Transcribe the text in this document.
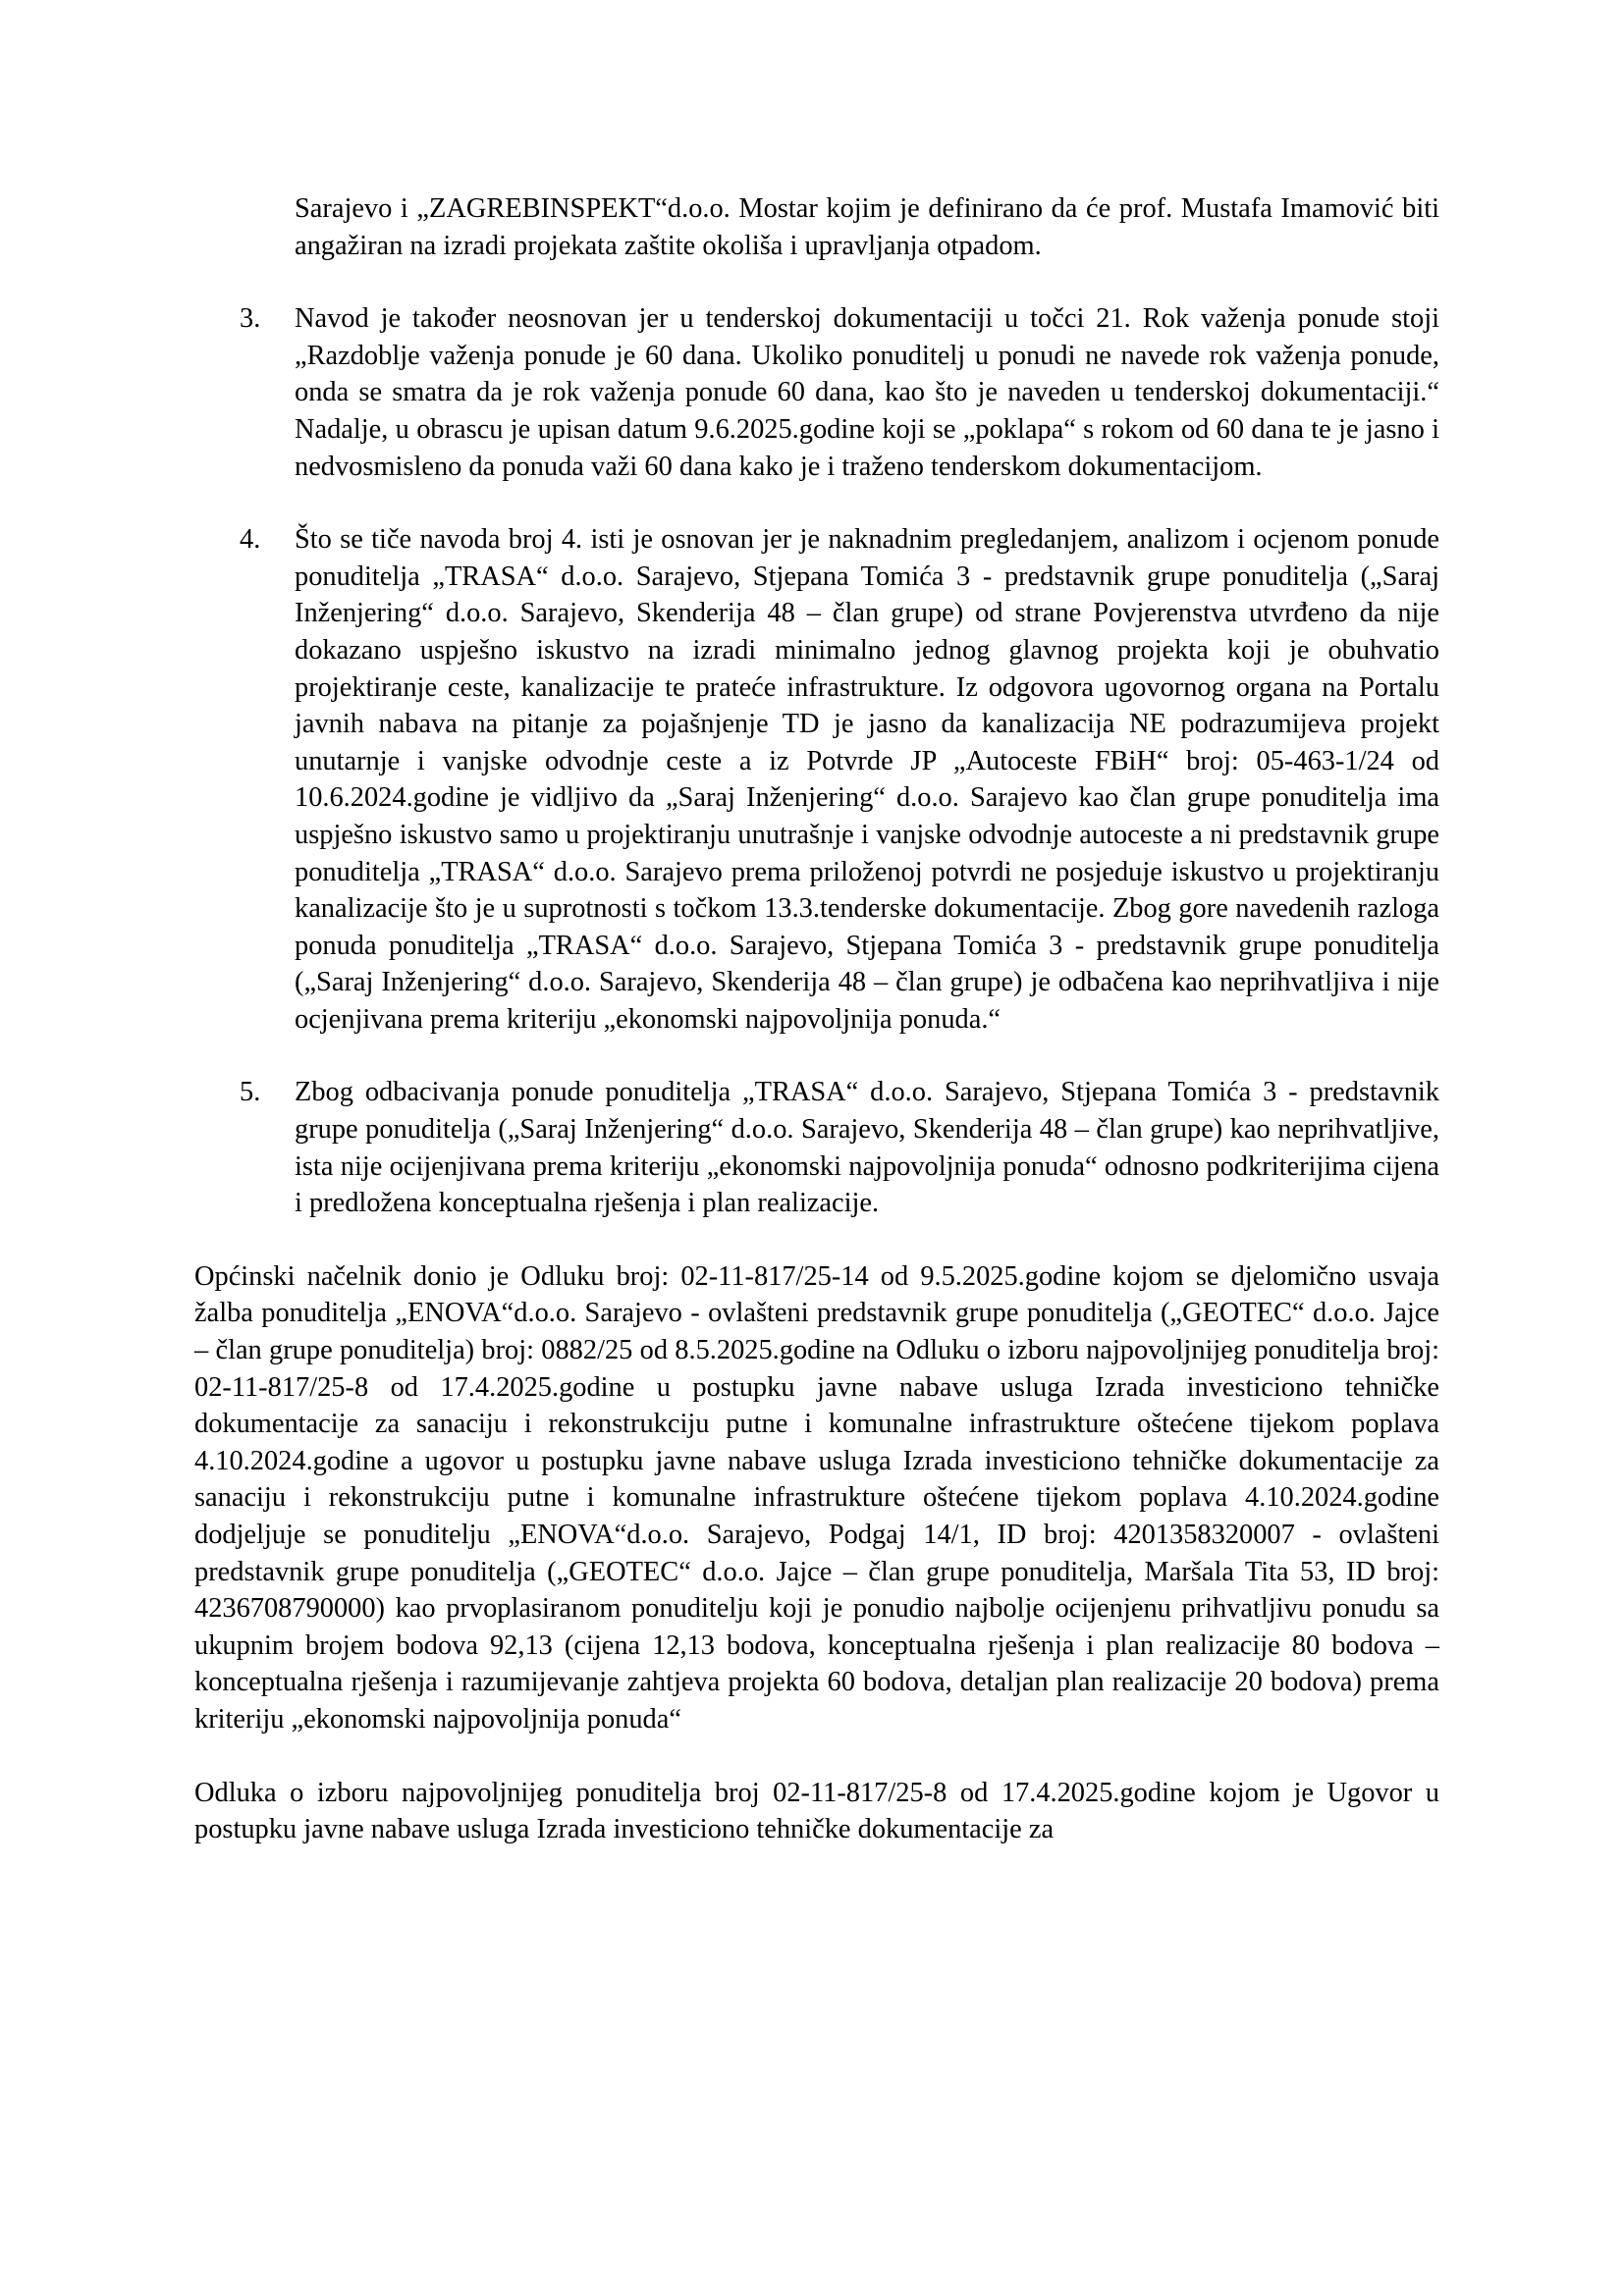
Sarajevo i „ZAGREBINSPEKT“d.o.o. Mostar kojim je definirano da će prof. Mustafa Imamović biti angažiran na izradi projekata zaštite okoliša i upravljanja otpadom.

3. Navod je također neosnovan jer u tenderskoj dokumentaciji u točci 21. Rok važenja ponude stoji „Razdoblje važenja ponude je 60 dana. Ukoliko ponuditelj u ponudi ne navede rok važenja ponude, onda se smatra da je rok važenja ponude 60 dana, kao što je naveden u tenderskoj dokumentaciji.“ Nadalje, u obrascu je upisan datum 9.6.2025.godine koji se „poklapa“ s rokom od 60 dana te je jasno i nedvosmisleno da ponuda važi 60 dana kako je i traženo tenderskom dokumentacijom.
4. Što se tiče navoda broj 4. isti je osnovan jer je naknadnim pregledanjem, analizom i ocjenom ponude ponuditelja „TRASA“ d.o.o. Sarajevo, Stjepana Tomića 3 - predstavnik grupe ponuditelja („Saraj Inženjering“ d.o.o. Sarajevo, Skenderija 48 – član grupe) od strane Povjerenstva utvrđeno da nije dokazano uspješno iskustvo na izradi minimalno jednog glavnog projekta koji je obuhvatio projektiranje ceste, kanalizacije te prateće infrastrukture. Iz odgovora ugovornog organa na Portalu javnih nabava na pitanje za pojašnjenje TD je jasno da kanalizacija NE podrazumijeva projekt unutarnje i vanjske odvodnje ceste a iz Potvrde JP „Autoceste FBiH“ broj: 05-463-1/24 od 10.6.2024.godine je vidljivo da „Saraj Inženjering“ d.o.o. Sarajevo kao član grupe ponuditelja ima uspješno iskustvo samo u projektiranju unutrašnje i vanjske odvodnje autoceste a ni predstavnik grupe ponuditelja „TRASA“ d.o.o. Sarajevo prema priloženoj potvrdi ne posjeduje iskustvo u projektiranju kanalizacije što je u suprotnosti s točkom 13.3.tenderske dokumentacije. Zbog gore navedenih razloga ponuda ponuditelja „TRASA“ d.o.o. Sarajevo, Stjepana Tomića 3 - predstavnik grupe ponuditelja („Saraj Inženjering“ d.o.o. Sarajevo, Skenderija 48 – član grupe) je odbačena kao neprihvatljiva i nije ocjenjivana prema kriteriju „ekonomski najpovoljnija ponuda.“
5. Zbog odbacivanja ponude ponuditelja „TRASA“ d.o.o. Sarajevo, Stjepana Tomića 3 - predstavnik grupe ponuditelja („Saraj Inženjering“ d.o.o. Sarajevo, Skenderija 48 – član grupe) kao neprihvatljive, ista nije ocijenjivana prema kriteriju „ekonomski najpovoljnija ponuda“ odnosno podkriterijima cijena i predložena konceptualna rješenja i plan realizacije.

Općinski načelnik donio je Odluku broj: 02-11-817/25-14 od 9.5.2025.godine kojom se djelomično usvaja žalba ponuditelja „ENOVA“d.o.o. Sarajevo - ovlašteni predstavnik grupe ponuditelja („GEOTEC“ d.o.o. Jajce – član grupe ponuditelja) broj: 0882/25 od 8.5.2025.godine na Odluku o izboru najpovoljnijeg ponuditelja broj: 02-11-817/25-8 od 17.4.2025.godine u postupku javne nabave usluga Izrada investiciono tehničke dokumentacije za sanaciju i rekonstrukciju putne i komunalne infrastrukture oštećene tijekom poplava 4.10.2024.godine a ugovor u postupku javne nabave usluga Izrada investiciono tehničke dokumentacije za sanaciju i rekonstrukciju putne i komunalne infrastrukture oštećene tijekom poplava 4.10.2024.godine dodjeljuje se ponuditelju „ENOVA“d.o.o. Sarajevo, Podgaj 14/1, ID broj: 4201358320007 - ovlašteni predstavnik grupe ponuditelja („GEOTEC“ d.o.o. Jajce – član grupe ponuditelja, Maršala Tita 53, ID broj: 4236708790000) kao prvoplasiranom ponuditelju koji je ponudio najbolje ocijenjenu prihvatljivu ponudu sa ukupnim brojem bodova 92,13 (cijena 12,13 bodova, konceptualna rješenja i plan realizacije 80 bodova – konceptualna rješenja i razumijevanje zahtjeva projekta 60 bodova, detaljan plan realizacije 20 bodova) prema kriteriju „ekonomski najpovoljnija ponuda“

Odluka o izboru najpovoljnijeg ponuditelja broj 02-11-817/25-8 od 17.4.2025.godine kojom je Ugovor u postupku javne nabave usluga Izrada investiciono tehničke dokumentacije za
